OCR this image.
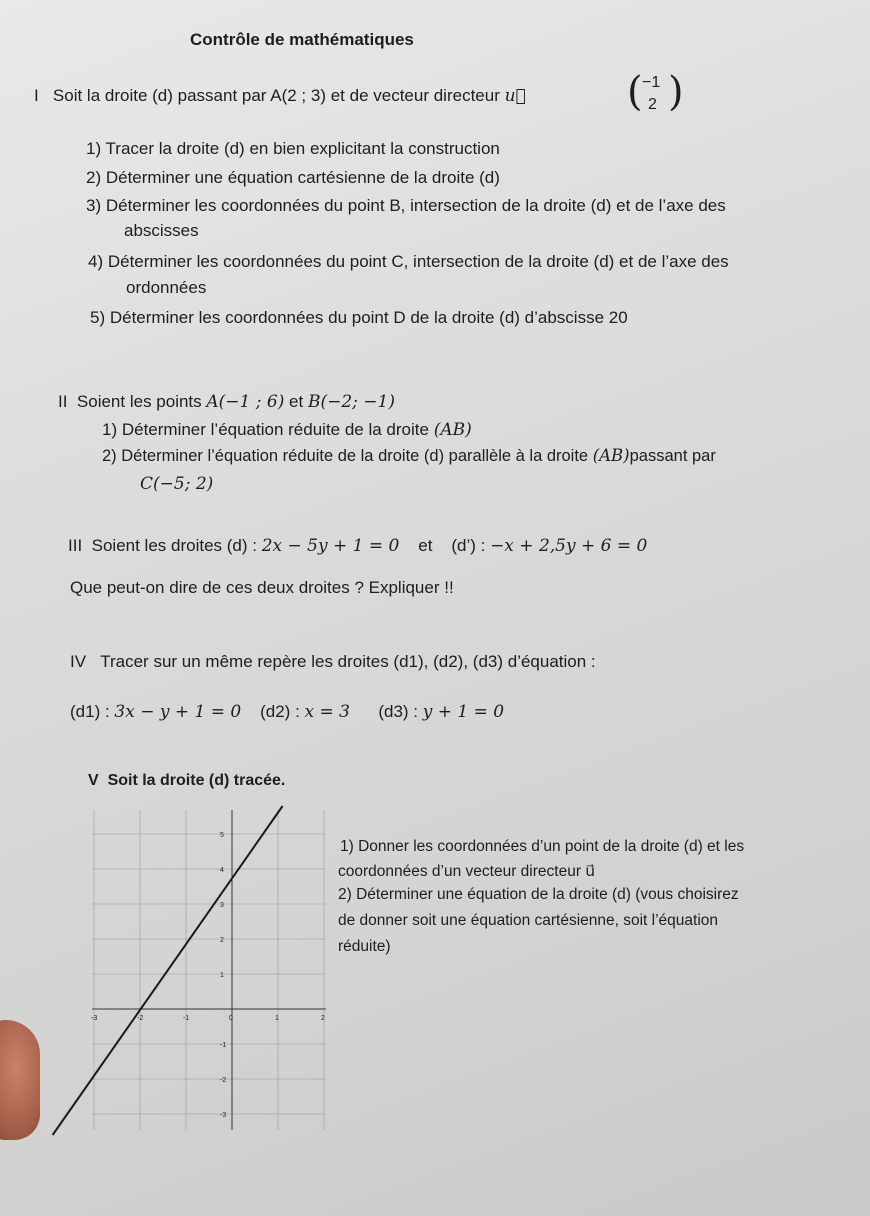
Contrôle de mathématiques
I Soit la droite (d) passant par A(2 ; 3) et de vecteur directeur u⃗	( −1
2 )
1) Tracer la droite (d) en bien explicitant la construction
2) Déterminer une équation cartésienne de la droite (d)
3) Déterminer les coordonnées du point B, intersection de la droite (d) et de l’axe des
abscisses
4) Déterminer les coordonnées du point C, intersection de la droite (d) et de l’axe des
ordonnées
5) Déterminer les coordonnées du point D de la droite (d) d’abscisse 20
II Soient les points A(−1 ; 6) et B(−2; −1)
1) Déterminer l’équation réduite de la droite (AB)
2) Déterminer l’équation réduite de la droite (d) parallèle à la droite (AB)passant par
C(−5; 2)
III Soient les droites (d) : 2x − 5y + 1 = 0 et (d’) : −x + 2,5y + 6 = 0
Que peut-on dire de ces deux droites ? Expliquer !!
IV Tracer sur un même repère les droites (d1), (d2), (d3) d’équation :
(d1) : 3x − y + 1 = 0 (d2) : x = 3 (d3) : y + 1 = 0
V Soit la droite (d) tracée.
-3	-2	-1	0	1	2
5
4
3
2
1
-1
-2
-3
1) Donner les coordonnées d’un point de la droite (d) et les
coordonnées d’un vecteur directeur u⃗
2) Déterminer une équation de la droite (d) (vous choisirez
de donner soit une équation cartésienne, soit l’équation
réduite)
